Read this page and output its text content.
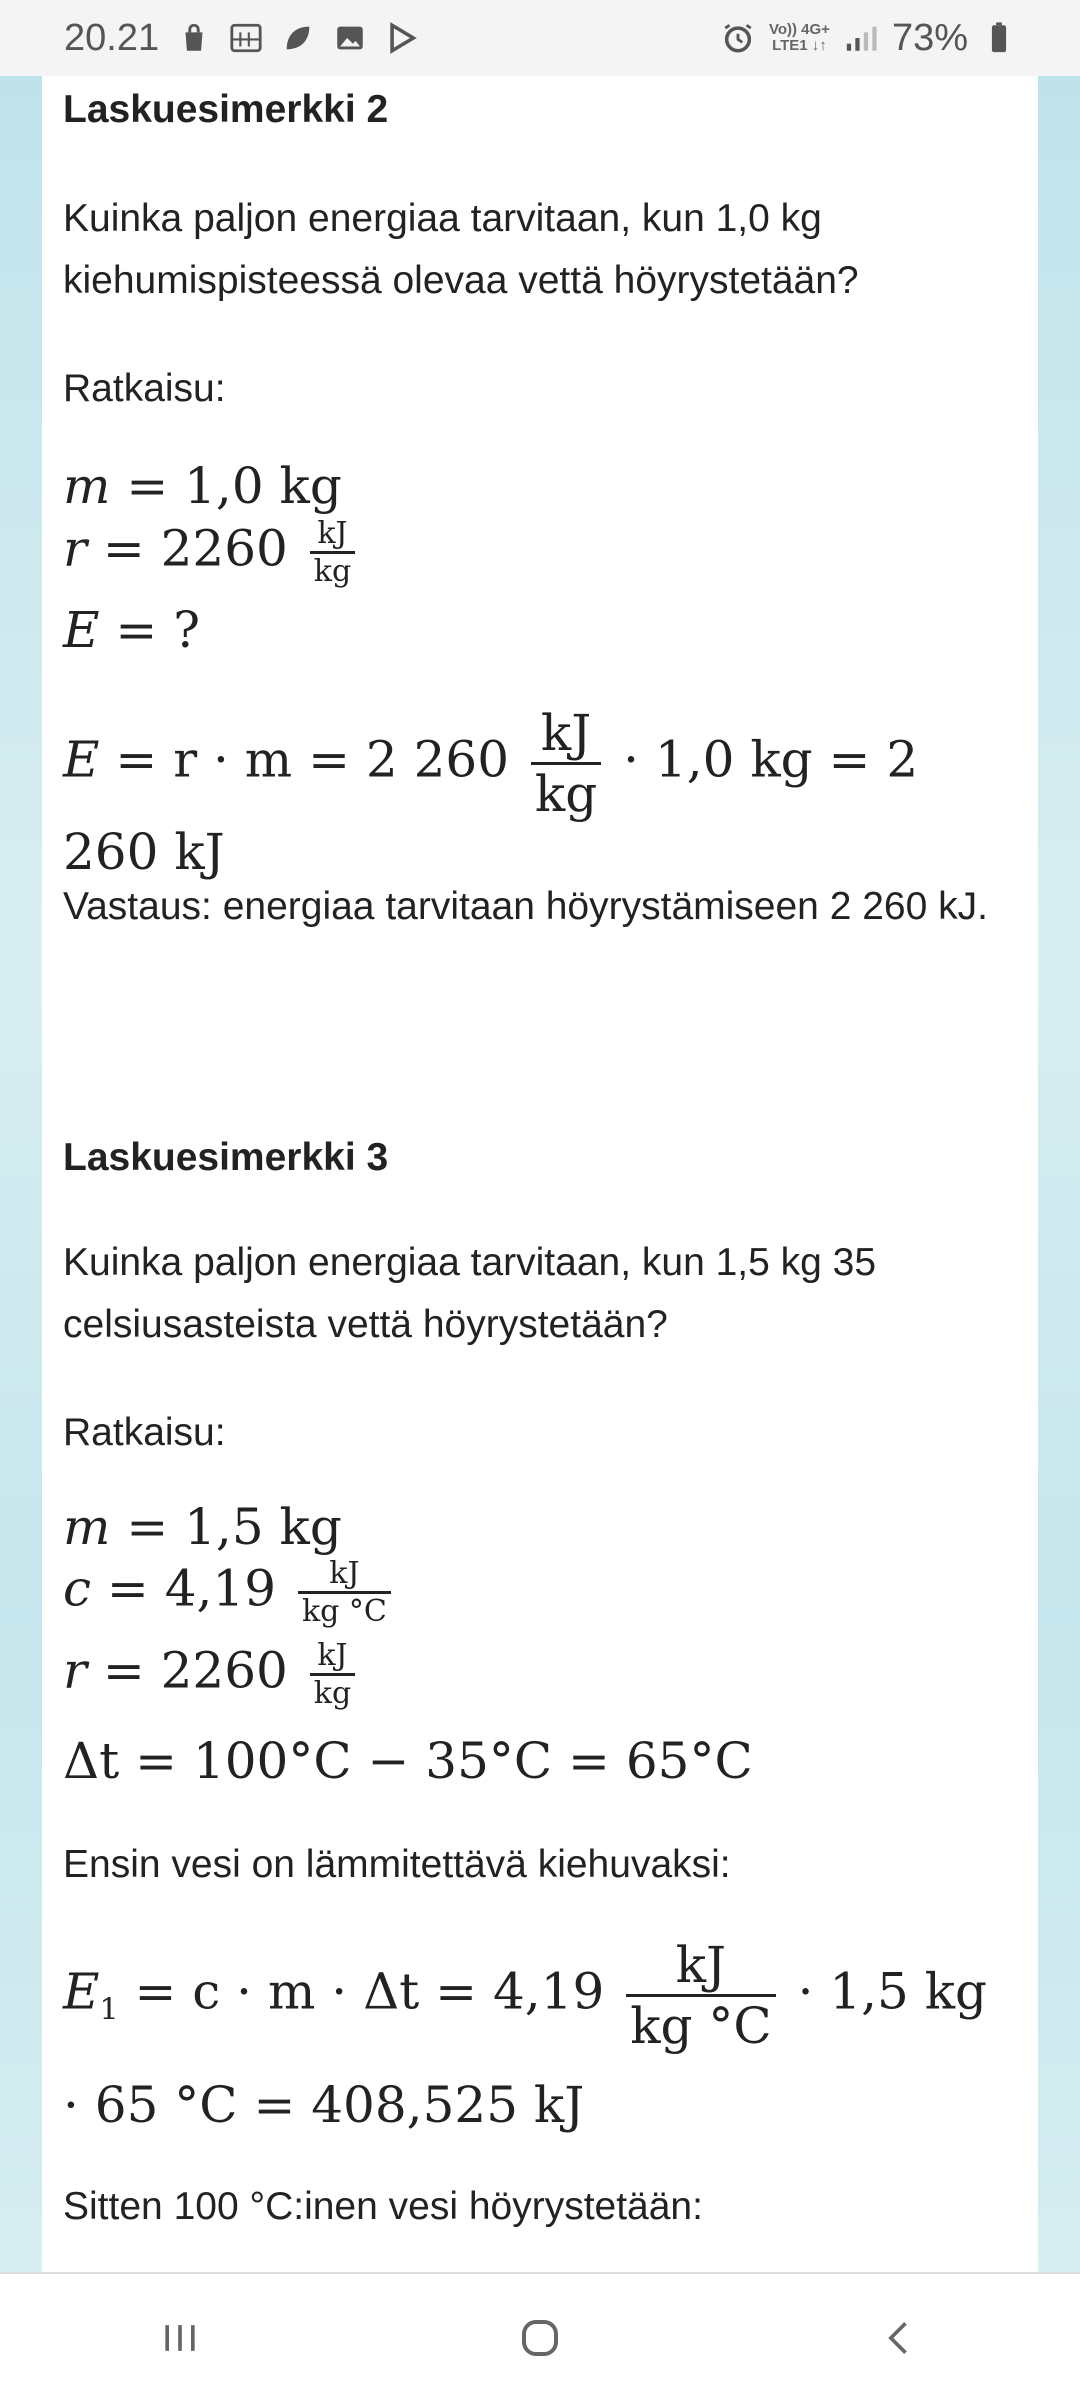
20.21	Vo)) 4G+
LTE1 ↓↑ 73%
Laskuesimerkki 2
Kuinka paljon energiaa tarvitaan, kun 1,0 kg kiehumispisteessä olevaa vettä höyrystetään?
Ratkaisu:
m = 1,0 kg
$r = 2260 \frac{kJ}{kg}$
E = ?
E = r · m = 2 $260 \frac{kJ}{kg} \cdot 1,0$ kg = 2 260 kJ
Vastaus: energiaa tarvitaan höyrystämiseen 2 260 kJ.
Laskuesimerkki 3
Kuinka paljon energiaa tarvitaan, kun 1,5 kg 35 celsiusasteista vettä höyrystetään?
Ratkaisu:
m = 1,5 kg
$c = 4,19 \frac{kJ}{kg ^\circ C}$
$r = 2260 \frac{kJ}{kg}$
Δt = 100°C − 35°C = 65°C
Ensin vesi on lämmitettävä kiehuvaksi:
$E_1 = c \cdot m \cdot \Delta t = 4,19 \frac{kJ}{kg ^\circ C} \cdot 1,5$ kg
· 65 °C = 408,525 kJ
Sitten 100 °C:inen vesi höyrystetään:
